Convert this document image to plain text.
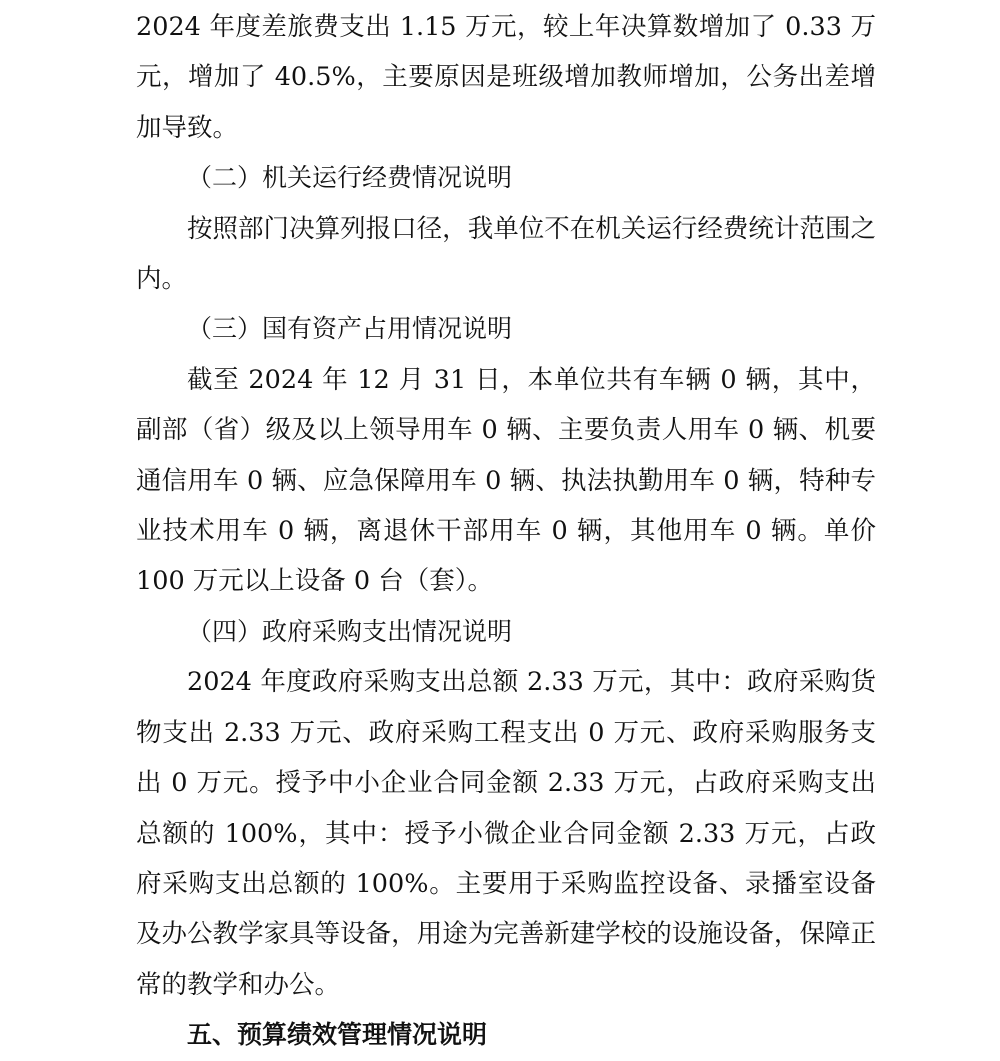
2024 年度差旅费支出 1.15 万元，较上年决算数增加了 0.33 万元，增加了 40.5%，主要原因是班级增加教师增加，公务出差增加导致。

（二）机关运行经费情况说明

按照部门决算列报口径，我单位不在机关运行经费统计范围之内。

（三）国有资产占用情况说明

截至 2024 年 12 月 31 日，本单位共有车辆 0 辆，其中，副部（省）级及以上领导用车 0 辆、主要负责人用车 0 辆、机要通信用车 0 辆、应急保障用车 0 辆、执法执勤用车 0 辆，特种专业技术用车 0 辆，离退休干部用车 0 辆，其他用车 0 辆。单价 100 万元以上设备 0 台（套）。

（四）政府采购支出情况说明

2024 年度政府采购支出总额 2.33 万元，其中：政府采购货物支出 2.33 万元、政府采购工程支出 0 万元、政府采购服务支出 0 万元。授予中小企业合同金额 2.33 万元，占政府采购支出总额的 100%，其中：授予小微企业合同金额 2.33 万元，占政府采购支出总额的 100%。主要用于采购监控设备、录播室设备及办公教学家具等设备，用途为完善新建学校的设施设备，保障正常的教学和办公。

五、预算绩效管理情况说明
